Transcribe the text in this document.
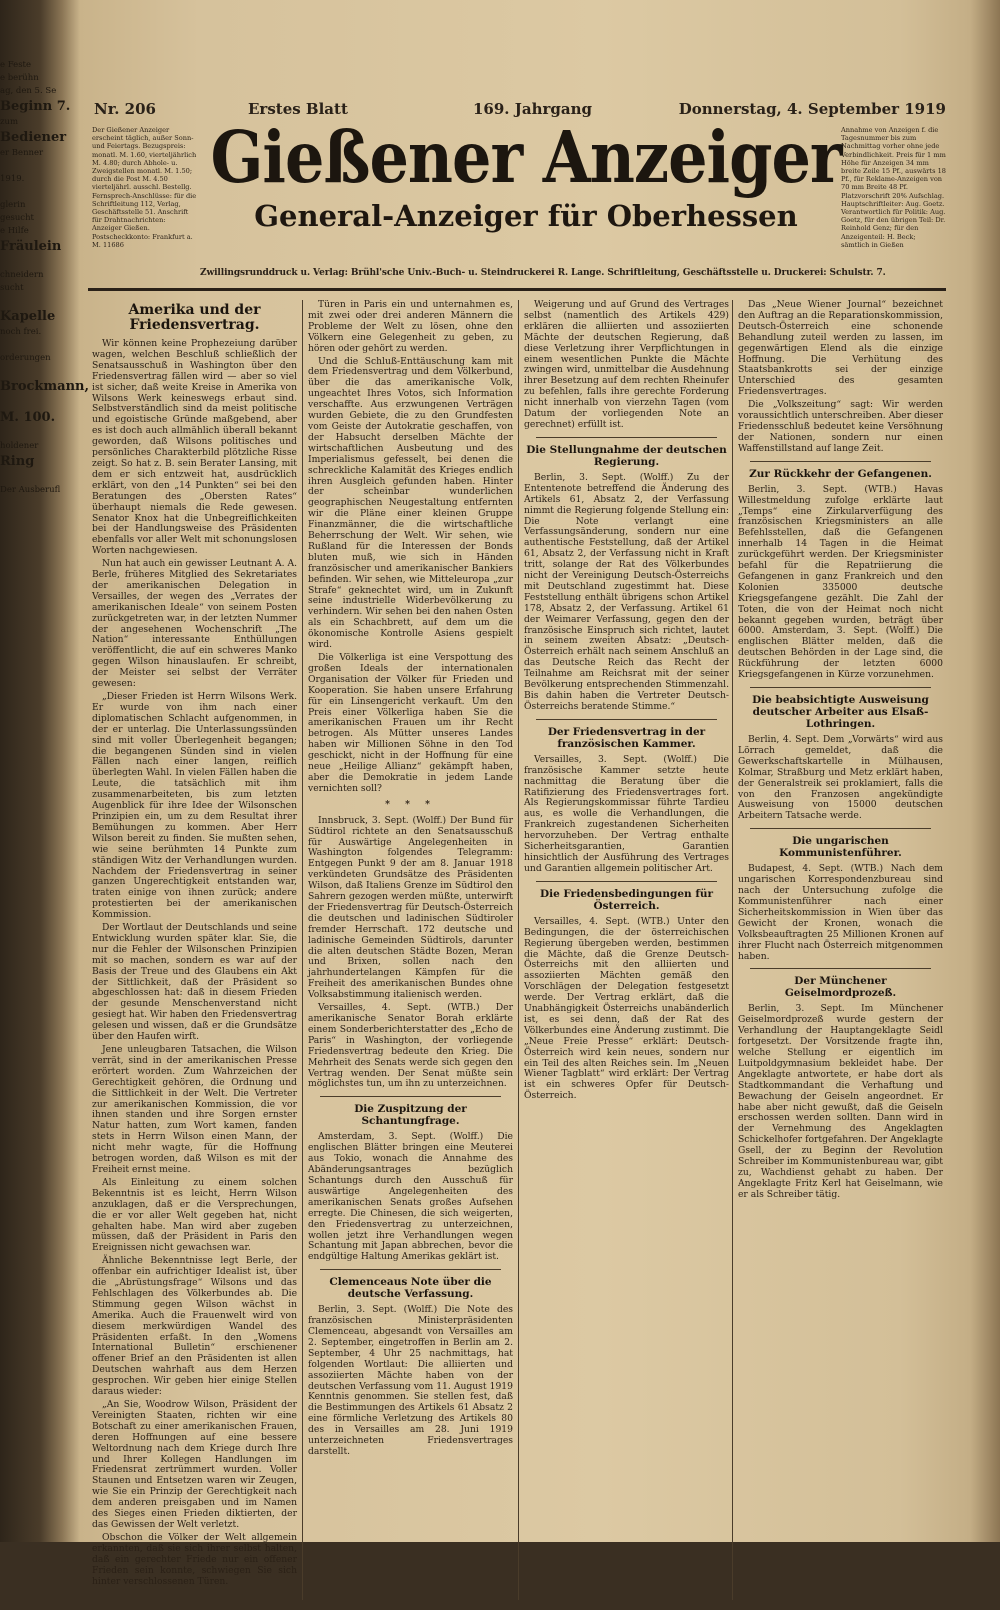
e Feste

e berühn

ag, den 5. Se

Beginn 7.

zum

Bediener

er Benner

1919.

glerin

gesucht

e Hilfe

Fräulein

chneidern

sucht

Kapelle

noch frei.

orderungen

Brockmann,

M. 100.

holdener

Ring

Der Ausberufl

Nr. 206	Erstes Blatt	169. Jahrgang	Donnerstag, 4. September 1919
Der Gießener Anzeiger erscheint täglich, außer Sonn- und Feiertags. Bezugspreis: monatl. M. 1.60, vierteljährlich M. 4.80; durch Abhole- u. Zweigstellen monatl. M. 1.50; durch die Post M. 4.50 vierteljährl. ausschl. Bestellg. Fernsprech-Anschlüsse: für die Schriftleitung 112, Verlag, Geschäftsstelle 51. Anschrift für Drahtnachrichten: Anzeiger Gießen. Postscheckkonto: Frankfurt a. M. 11686
Annahme von Anzeigen f. die Tagesnummer bis zum Nachmittag vorher ohne jede Verbindlichkeit. Preis für 1 mm Höhe für Anzeigen 34 mm breite Zeile 15 Pf., auswärts 18 Pf., für Reklame-Anzeigen von 70 mm Breite 48 Pf. Platzvorschrift 20% Aufschlag. Hauptschriftleiter: Aug. Goetz. Verantwortlich für Politik: Aug. Goetz, für den übrigen Teil: Dr. Reinhold Genz; für den Anzeigenteil: H. Beck; sämtlich in Gießen
Gießener Anzeiger
General-Anzeiger für Oberhessen
Zwillingsrunddruck u. Verlag: Brühl'sche Univ.-Buch- u. Steindruckerei R. Lange. Schriftleitung, Geschäftsstelle u. Druckerei: Schulstr. 7.
Amerika und der Friedensvertrag.

Wir können keine Prophezeiung darüber wagen, welchen Beschluß schließlich der Senatsausschuß in Washington über den Friedensvertrag fällen wird — aber so viel ist sicher, daß weite Kreise in Amerika von Wilsons Werk keineswegs erbaut sind. Selbstverständlich sind da meist politische und egoistische Gründe maßgebend, aber es ist doch auch allmählich überall bekannt geworden, daß Wilsons politisches und persönliches Charakterbild plötzliche Risse zeigt. So hat z. B. sein Berater Lansing, mit dem er sich entzweit hat, ausdrücklich erklärt, von den „14 Punkten“ sei bei den Beratungen des „Obersten Rates“ überhaupt niemals die Rede gewesen. Senator Knox hat die Unbegreiflichkeiten bei der Handlungsweise des Präsidenten ebenfalls vor aller Welt mit schonungslosen Worten nachgewiesen.

Nun hat auch ein gewisser Leutnant A. A. Berle, früheres Mitglied des Sekretariates der amerikanischen Delegation in Versailles, der wegen des „Verrates der amerikanischen Ideale“ von seinem Posten zurückgetreten war, in der letzten Nummer der angesehenen Wochenschrift „The Nation“ interessante Enthüllungen veröffentlicht, die auf ein schweres Manko gegen Wilson hinauslaufen. Er schreibt, der Meister sei selbst der Verräter gewesen:

„Dieser Frieden ist Herrn Wilsons Werk. Er wurde von ihm nach einer diplomatischen Schlacht aufgenommen, in der er unterlag. Die Unterlassungssünden sind mit voller Überlegenheit begangen; die begangenen Sünden sind in vielen Fällen nach einer langen, reiflich überlegten Wahl. In vielen Fällen haben die Leute, die tatsächlich mit ihm zusammenarbeiteten, bis zum letzten Augenblick für ihre Idee der Wilsonschen Prinzipien ein, um zu dem Resultat ihrer Bemühungen zu kommen. Aber Herr Wilson bereit zu finden. Sie mußten sehen, wie seine berühmten 14 Punkte zum ständigen Witz der Verhandlungen wurden. Nachdem der Friedensvertrag in seiner ganzen Ungerechtigkeit entstanden war, traten einige von ihnen zurück; andere protestierten bei der amerikanischen Kommission.

Der Wortlaut der Deutschlands und seine Entwicklung wurden später klar. Sie, die nur die Fehler der Wilsonschen Prinzipien mit so machen, sondern es war auf der Basis der Treue und des Glaubens ein Akt der Sittlichkeit, daß der Präsident so abgeschlossen hat: daß in diesem Frieden der gesunde Menschenverstand nicht gesiegt hat. Wir haben den Friedensvertrag gelesen und wissen, daß er die Grundsätze über den Haufen wirft.

Jene unleugbaren Tatsachen, die Wilson verrät, sind in der amerikanischen Presse erörtert worden. Zum Wahrzeichen der Gerechtigkeit gehören, die Ordnung und die Sittlichkeit in der Welt. Die Vertreter zur amerikanischen Kommission, die vor ihnen standen und ihre Sorgen ernster Natur hatten, zum Wort kamen, fanden stets in Herrn Wilson einen Mann, der nicht mehr wagte, für die Hoffnung betrogen worden, daß Wilson es mit der Freiheit ernst meine.

Als Einleitung zu einem solchen Bekenntnis ist es leicht, Herrn Wilson anzuklagen, daß er die Versprechungen, die er vor aller Welt gegeben hat, nicht gehalten habe. Man wird aber zugeben müssen, daß der Präsident in Paris den Ereignissen nicht gewachsen war.

Ähnliche Bekenntnisse legt Berle, der offenbar ein aufrichtiger Idealist ist, über die „Abrüstungsfrage“ Wilsons und das Fehlschlagen des Völkerbundes ab. Die Stimmung gegen Wilson wächst in Amerika. Auch die Frauenwelt wird von diesem merkwürdigen Wandel des Präsidenten erfaßt. In den „Womens International Bulletin“ erschienener offener Brief an den Präsidenten ist allen Deutschen wahrhaft aus dem Herzen gesprochen. Wir geben hier einige Stellen daraus wieder:

„An Sie, Woodrow Wilson, Präsident der Vereinigten Staaten, richten wir eine Botschaft zu einer amerikanischen Frauen, deren Hoffnungen auf eine bessere Weltordnung nach dem Kriege durch Ihre und Ihrer Kollegen Handlungen im Friedensrat zertrümmert wurden. Voller Staunen und Entsetzen waren wir Zeugen, wie Sie ein Prinzip der Gerechtigkeit nach dem anderen preisgaben und im Namen des Sieges einen Frieden diktierten, der das Gewissen der Welt verletzt.

Obschon die Völker der Welt allgemein erkannten, daß sie sich ihrer selbst halten, daß ein gerechter Friede nur ein offener Frieden sein konnte, schwiegen Sie sich hinter verschlossenen Türen.

Türen in Paris ein und unternahmen es, mit zwei oder drei anderen Männern die Probleme der Welt zu lösen, ohne den Völkern eine Gelegenheit zu geben, zu hören oder gehört zu werden.

Und die Schluß-Enttäuschung kam mit dem Friedensvertrag und dem Völkerbund, über die das amerikanische Volk, ungeachtet Ihres Votos, sich Information verschaffte. Aus erzwungenen Verträgen wurden Gebiete, die zu den Grundfesten vom Geiste der Autokratie geschaffen, von der Habsucht derselben Mächte der wirtschaftlichen Ausbeutung und des Imperialismus gefesselt, bei denen die schreckliche Kalamität des Krieges endlich ihren Ausgleich gefunden haben. Hinter der scheinbar wunderlichen geographischen Neugestaltung entfernten wir die Pläne einer kleinen Gruppe Finanzmänner, die die wirtschaftliche Beherrschung der Welt. Wir sehen, wie Rußland für die Interessen der Bonds bluten muß, wie sich in Händen französischer und amerikanischer Bankiers befinden. Wir sehen, wie Mitteleuropa „zur Strafe“ geknechtet wird, um in Zukunft seine industrielle Widerbevölkerung zu verhindern. Wir sehen bei den nahen Osten als ein Schachbrett, auf dem um die ökonomische Kontrolle Asiens gespielt wird.

Die Völkerliga ist eine Verspottung des großen Ideals der internationalen Organisation der Völker für Frieden und Kooperation. Sie haben unsere Erfahrung für ein Linsengericht verkauft. Um den Preis einer Völkerliga haben Sie die amerikanischen Frauen um ihr Recht betrogen. Als Mütter unseres Landes haben wir Millionen Söhne in den Tod geschickt, nicht in der Hoffnung für eine neue „Heilige Allianz“ gekämpft haben, aber die Demokratie in jedem Lande vernichten soll?

* * *

Innsbruck, 3. Sept. (Wolff.) Der Bund für Südtirol richtete an den Senatsausschuß für Auswärtige Angelegenheiten in Washington folgendes Telegramm: Entgegen Punkt 9 der am 8. Januar 1918 verkündeten Grundsätze des Präsidenten Wilson, daß Italiens Grenze im Südtirol den Sahrern gezogen werden müßte, unterwirft der Friedensvertrag für Deutsch-Österreich die deutschen und ladinischen Südtiroler fremder Herrschaft. 172 deutsche und ladinische Gemeinden Südtirols, darunter die alten deutschen Städte Bozen, Meran und Brixen, sollen nach den jahrhundertelangen Kämpfen für die Freiheit des amerikanischen Bundes ohne Volksabstimmung italienisch werden.

Versailles, 4. Sept. (WTB.) Der amerikanische Senator Borah erklärte einem Sonderberichterstatter des „Echo de Paris“ in Washington, der vorliegende Friedensvertrag bedeute den Krieg. Die Mehrheit des Senats werde sich gegen den Vertrag wenden. Der Senat müßte sein möglichstes tun, um ihn zu unterzeichnen.

Die Zuspitzung der Schantungfrage.

Amsterdam, 3. Sept. (Wolff.) Die englischen Blätter bringen eine Meuterei aus Tokio, wonach die Annahme des Abänderungsantrages bezüglich Schantungs durch den Ausschuß für auswärtige Angelegenheiten des amerikanischen Senats großes Aufsehen erregte. Die Chinesen, die sich weigerten, den Friedensvertrag zu unterzeichnen, wollen jetzt ihre Verhandlungen wegen Schantung mit Japan abbrechen, bevor die endgültige Haltung Amerikas geklärt ist.

Clemenceaus Note über die deutsche Verfassung.

Berlin, 3. Sept. (Wolff.) Die Note des französischen Ministerpräsidenten Clemenceau, abgesandt von Versailles am 2. September, eingetroffen in Berlin am 2. September, 4 Uhr 25 nachmittags, hat folgenden Wortlaut: Die alliierten und assoziierten Mächte haben von der deutschen Verfassung vom 11. August 1919 Kenntnis genommen. Sie stellen fest, daß die Bestimmungen des Artikels 61 Absatz 2 eine förmliche Verletzung des Artikels 80 des in Versailles am 28. Juni 1919 unterzeichneten Friedensvertrages darstellt.

Weigerung und auf Grund des Vertrages selbst (namentlich des Artikels 429) erklären die alliierten und assoziierten Mächte der deutschen Regierung, daß diese Verletzung ihrer Verpflichtungen in einem wesentlichen Punkte die Mächte zwingen wird, unmittelbar die Ausdehnung ihrer Besetzung auf dem rechten Rheinufer zu befehlen, falls ihre gerechte Forderung nicht innerhalb von vierzehn Tagen (vom Datum der vorliegenden Note an gerechnet) erfüllt ist.

Die Stellungnahme der deutschen Regierung.

Berlin, 3. Sept. (Wolff.) Zu der Ententenote betreffend die Änderung des Artikels 61, Absatz 2, der Verfassung nimmt die Regierung folgende Stellung ein: Die Note verlangt eine Verfassungsänderung, sondern nur eine authentische Feststellung, daß der Artikel 61, Absatz 2, der Verfassung nicht in Kraft tritt, solange der Rat des Völkerbundes nicht der Vereinigung Deutsch-Österreichs mit Deutschland zugestimmt hat. Diese Feststellung enthält übrigens schon Artikel 178, Absatz 2, der Verfassung. Artikel 61 der Weimarer Verfassung, gegen den der französische Einspruch sich richtet, lautet in seinem zweiten Absatz: „Deutsch-Österreich erhält nach seinem Anschluß an das Deutsche Reich das Recht der Teilnahme am Reichsrat mit der seiner Bevölkerung entsprechenden Stimmenzahl. Bis dahin haben die Vertreter Deutsch-Österreichs beratende Stimme.“

Der Friedensvertrag in der französischen Kammer.

Versailles, 3. Sept. (Wolff.) Die französische Kammer setzte heute nachmittag die Beratung über die Ratifizierung des Friedensvertrages fort. Als Regierungskommissar führte Tardieu aus, es wolle die Verhandlungen, die Frankreich zugestandenen Sicherheiten hervorzuheben. Der Vertrag enthalte Sicherheitsgarantien, Garantien hinsichtlich der Ausführung des Vertrages und Garantien allgemein politischer Art.

Die Friedensbedingungen für Österreich.

Versailles, 4. Sept. (WTB.) Unter den Bedingungen, die der österreichischen Regierung übergeben werden, bestimmen die Mächte, daß die Grenze Deutsch-Österreichs mit den alliierten und assoziierten Mächten gemäß den Vorschlägen der Delegation festgesetzt werde. Der Vertrag erklärt, daß die Unabhängigkeit Österreichs unabänderlich ist, es sei denn, daß der Rat des Völkerbundes eine Änderung zustimmt. Die „Neue Freie Presse“ erklärt: Deutsch-Österreich wird kein neues, sondern nur ein Teil des alten Reiches sein. Im „Neuen Wiener Tagblatt“ wird erklärt: Der Vertrag ist ein schweres Opfer für Deutsch-Österreich.

Das „Neue Wiener Journal“ bezeichnet den Auftrag an die Reparationskommission, Deutsch-Österreich eine schonende Behandlung zuteil werden zu lassen, im gegenwärtigen Elend als die einzige Hoffnung. Die Verhütung des Staatsbankrotts sei der einzige Unterschied des gesamten Friedensvertrages.

Die „Volkszeitung“ sagt: Wir werden voraussichtlich unterschreiben. Aber dieser Friedensschluß bedeutet keine Versöhnung der Nationen, sondern nur einen Waffenstillstand auf lange Zeit.

Zur Rückkehr der Gefangenen.

Berlin, 3. Sept. (WTB.) Havas Willestmeldung zufolge erklärte laut „Temps“ eine Zirkularverfügung des französischen Kriegsministers an alle Befehlsstellen, daß die Gefangenen innerhalb 14 Tagen in die Heimat zurückgeführt werden. Der Kriegsminister befahl für die Repatriierung die Gefangenen in ganz Frankreich und den Kolonien 335000 deutsche Kriegsgefangene gezählt. Die Zahl der Toten, die von der Heimat noch nicht bekannt gegeben wurden, beträgt über 6000. Amsterdam, 3. Sept. (Wolff.) Die englischen Blätter melden, daß die deutschen Behörden in der Lage sind, die Rückführung der letzten 6000 Kriegsgefangenen in Kürze vorzunehmen.

Die beabsichtigte Ausweisung deutscher Arbeiter aus Elsaß-Lothringen.

Berlin, 4. Sept. Dem „Vorwärts“ wird aus Lörrach gemeldet, daß die Gewerkschaftskartelle in Mülhausen, Kolmar, Straßburg und Metz erklärt haben, der Generalstreik sei proklamiert, falls die von den Franzosen angekündigte Ausweisung von 15000 deutschen Arbeitern Tatsache werde.

Die ungarischen Kommunistenführer.

Budapest, 4. Sept. (WTB.) Nach dem ungarischen Korrespondenzbureau sind nach der Untersuchung zufolge die Kommunistenführer nach einer Sicherheitskommission in Wien über das Gewicht der Kronen, wonach die Volksbeauftragten 25 Millionen Kronen auf ihrer Flucht nach Österreich mitgenommen haben.

Der Münchener Geiselmordprozeß.

Berlin, 3. Sept. Im Münchener Geiselmordprozeß wurde gestern der Verhandlung der Hauptangeklagte Seidl fortgesetzt. Der Vorsitzende fragte ihn, welche Stellung er eigentlich im Luitpoldgymnasium bekleidet habe. Der Angeklagte antwortete, er habe dort als Stadtkommandant die Verhaftung und Bewachung der Geiseln angeordnet. Er habe aber nicht gewußt, daß die Geiseln erschossen werden sollten. Dann wird in der Vernehmung des Angeklagten Schickelhofer fortgefahren. Der Angeklagte Gsell, der zu Beginn der Revolution Schreiber im Kommunistenbureau war, gibt zu, Wachdienst gehabt zu haben. Der Angeklagte Fritz Kerl hat Geiselmann, wie er als Schreiber tätig.
